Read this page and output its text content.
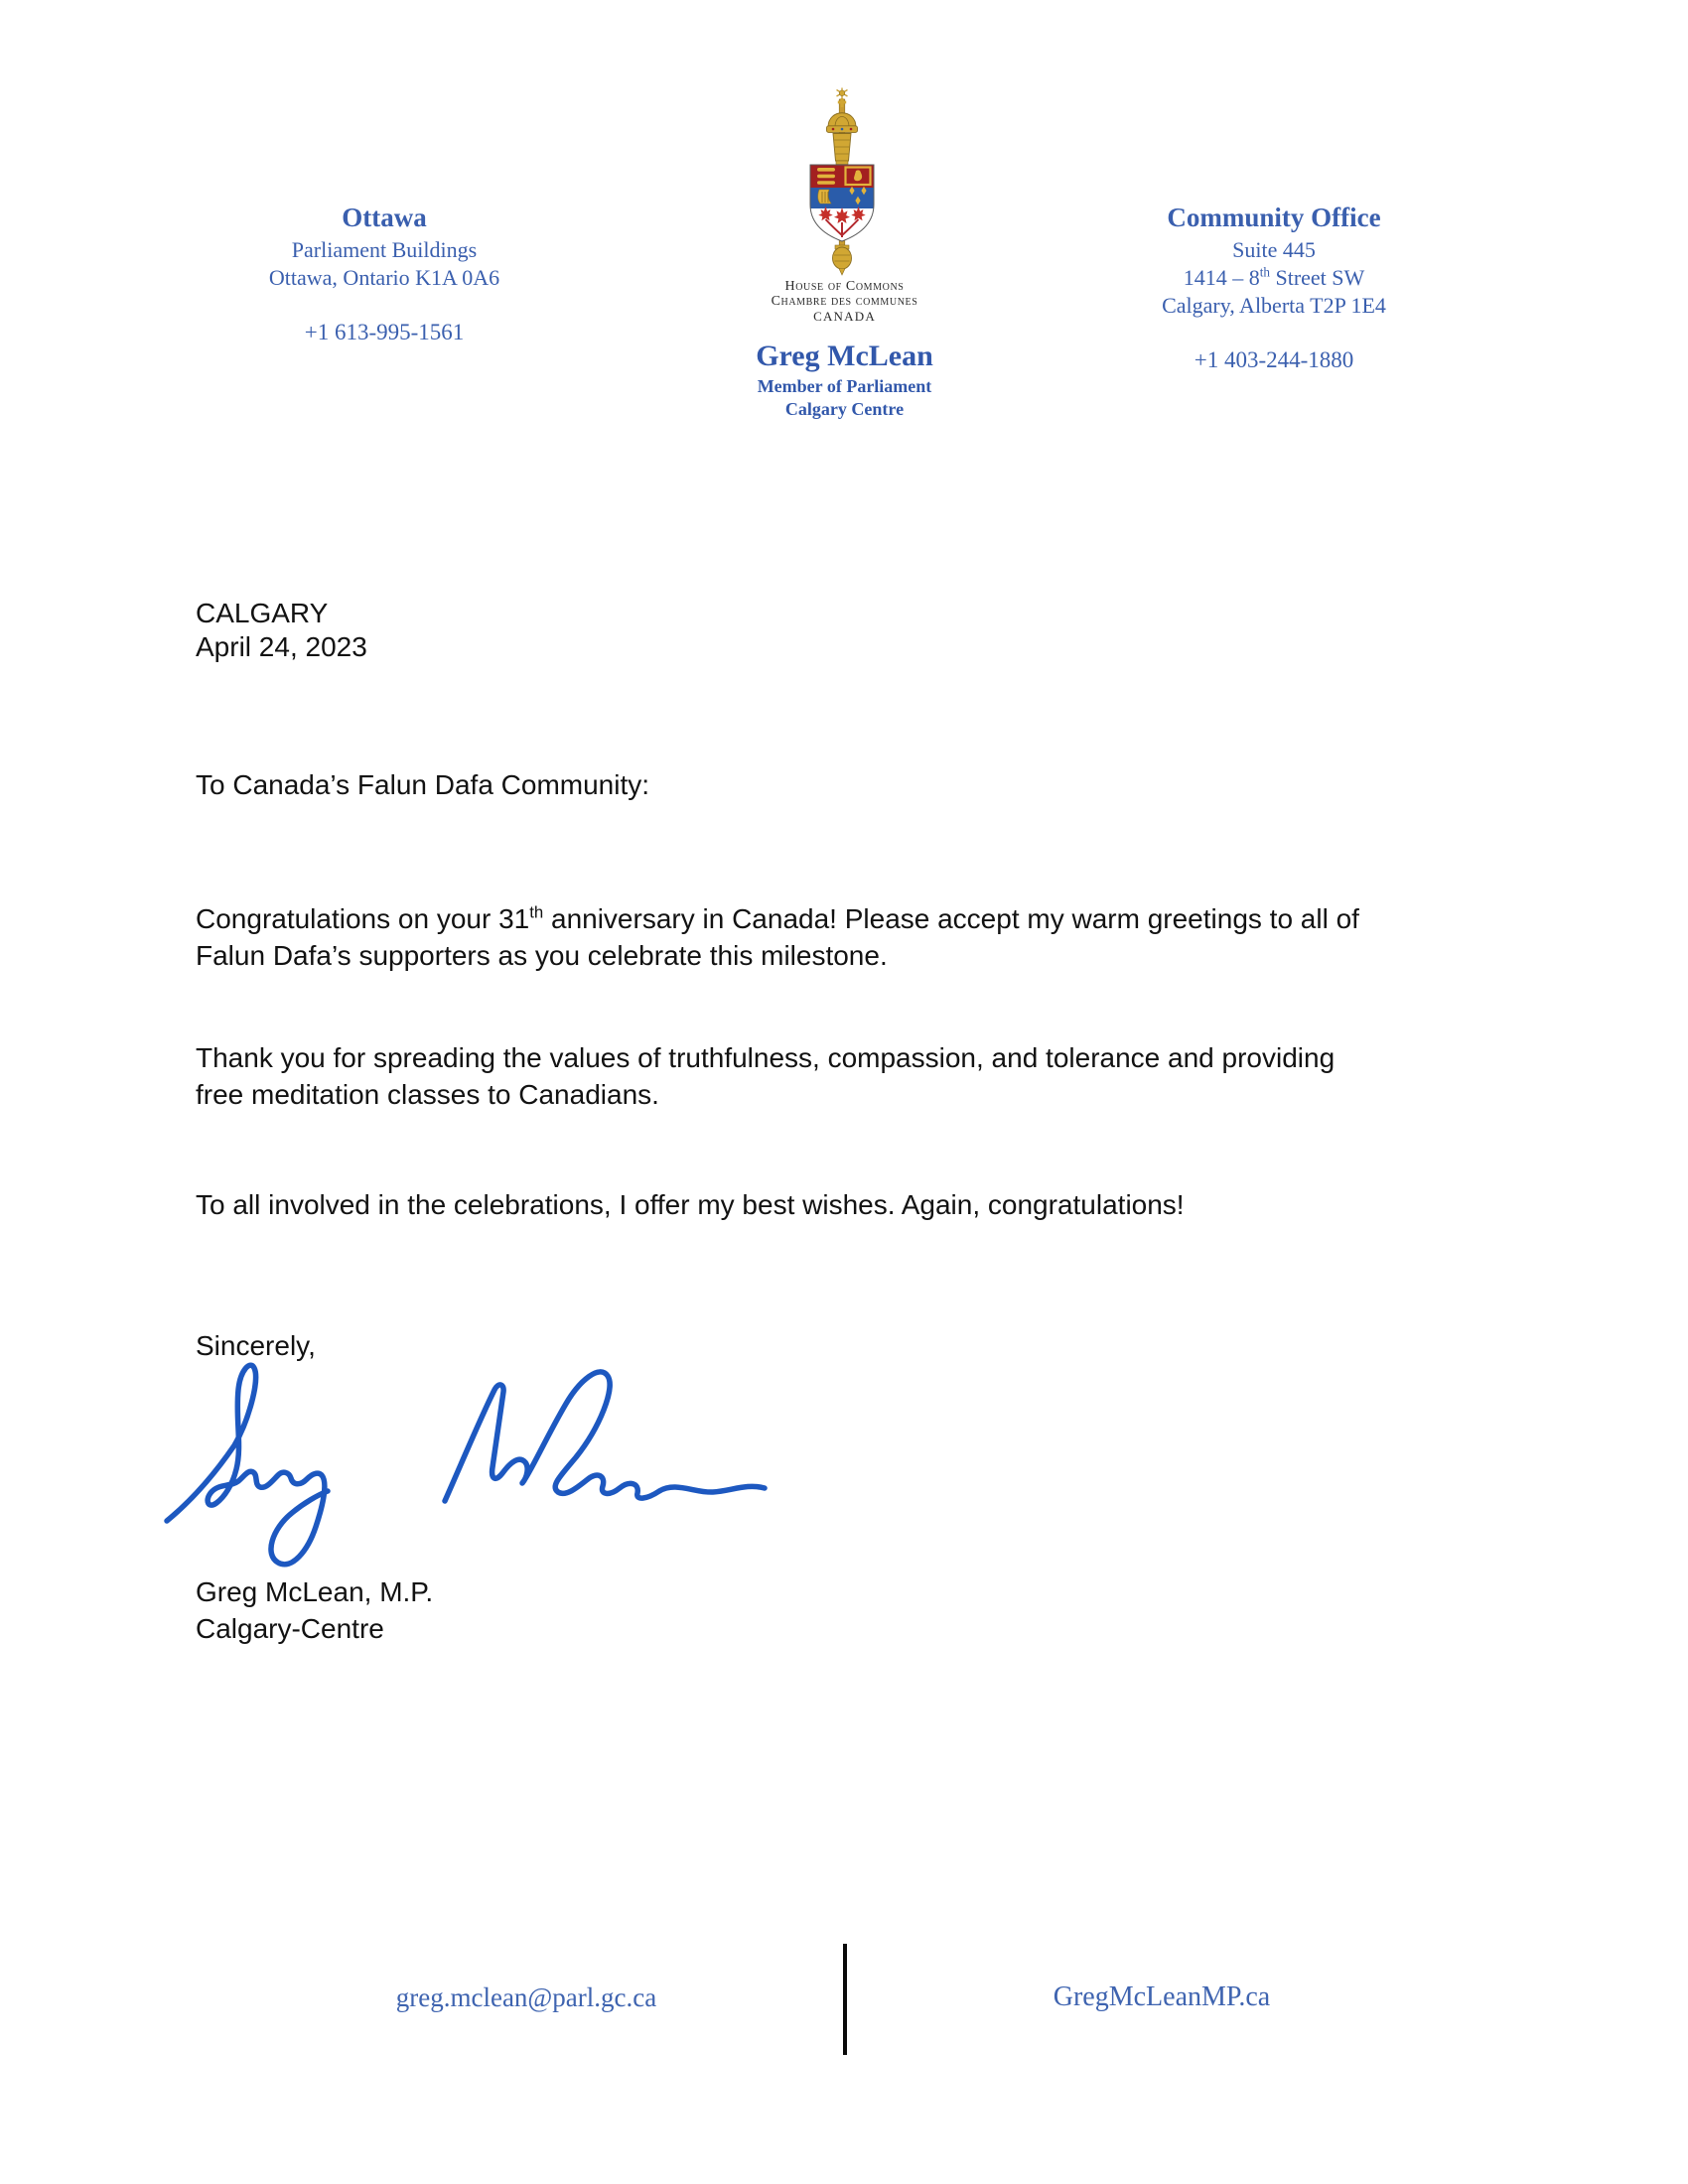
Ottawa
Parliament Buildings
Ottawa, Ontario K1A 0A6
+1 613-995-1561
House of Commons
Chambre des communes
CANADA
Greg McLean
Member of Parliament
Calgary Centre
Community Office
Suite 445
1414 – 8th Street SW
Calgary, Alberta T2P 1E4
+1 403-244-1880
CALGARY
April 24, 2023
To Canada’s Falun Dafa Community:
Congratulations on your 31th anniversary in Canada! Please accept my warm greetings to all of
Falun Dafa’s supporters as you celebrate this milestone.
Thank you for spreading the values of truthfulness, compassion, and tolerance and providing
free meditation classes to Canadians.
To all involved in the celebrations, I offer my best wishes. Again, congratulations!
Sincerely,
Greg McLean, M.P.
Calgary-Centre
greg.mclean@parl.gc.ca	GregMcLeanMP.ca
